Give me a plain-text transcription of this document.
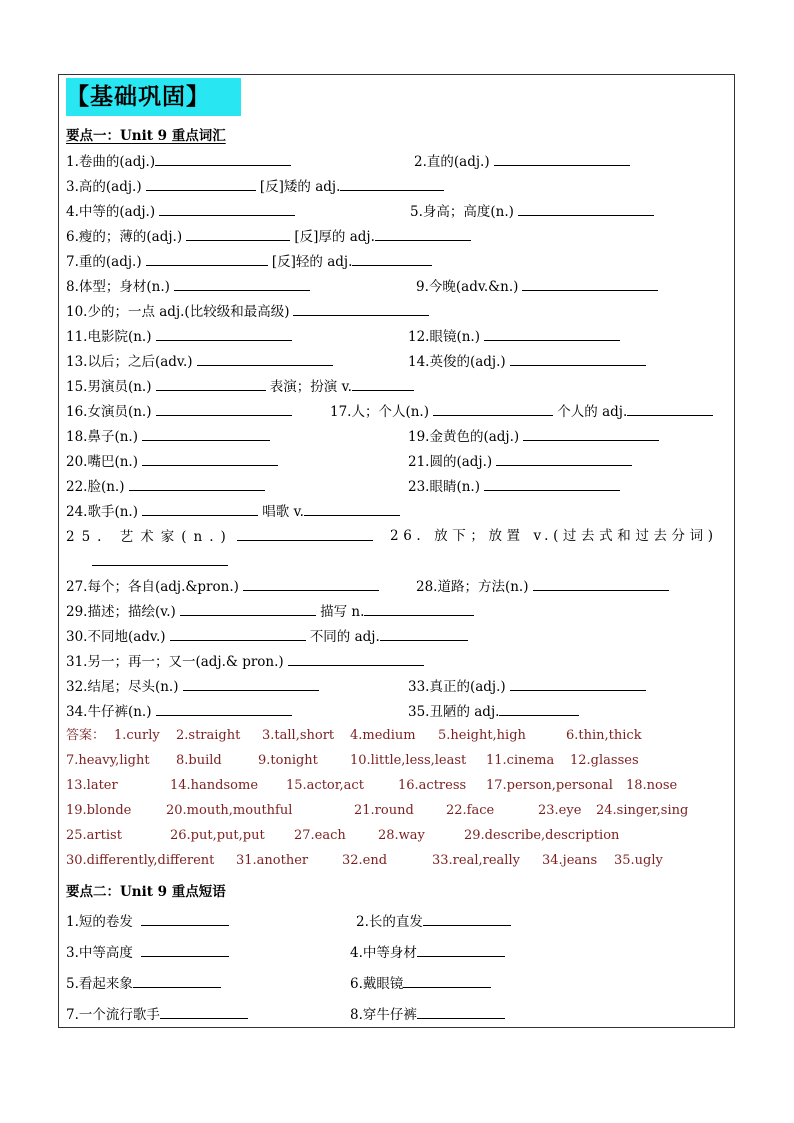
【基础巩固】
要点一：Unit 9 重点词汇
1.卷曲的(adj.)	2.直的(adj.)
3.高的(adj.)	[反]矮的 adj.
4.中等的(adj.)	5.身高；高度(n.)
6.瘦的；薄的(adj.)	[反]厚的 adj.
7.重的(adj.)	[反]轻的 adj.
8.体型；身材(n.)	9.今晚(adv.&n.)
10.少的；一点 adj.(比较级和最高级)
11.电影院(n.)	12.眼镜(n.)
13.以后；之后(adv.)	14.英俊的(adj.)
15.男演员(n.)	表演；扮演 v.
16.女演员(n.)	17.人；个人(n.)	个人的 adj.
18.鼻子(n.)	19.金黄色的(adj.)
20.嘴巴(n.)	21.圆的(adj.)
22.脸(n.)	23.眼睛(n.)
24.歌手(n.)	唱歌 v.
25. 艺术家(n.)	26. 放下；放置 v.(过去式和过去分词)
27.每个；各自(adj.&pron.)	28.道路；方法(n.)
29.描述；描绘(v.)	描写 n.
30.不同地(adv.)	不同的 adj.
31.另一；再一；又一(adj.& pron.)
32.结尾；尽头(n.)	33.真正的(adj.)
34.牛仔裤(n.)	35.丑陋的 adj.
答案： 1.curly 2.straight 3.tall,short 4.medium 5.height,high	6.thin,thick
7.heavy,light 8.build	9.tonight 10.little,less,least 11.cinema 12.glasses
13.later	14.handsome 15.actor,act	16.actress 17.person,personal 18.nose
19.blonde	20.mouth,mouthful	21.round 22.face	23.eye 24.singer,sing
25.artist	26.put,put,put 27.each 28.way	29.describe,description
30.differently,different 31.another	32.end	33.real,really 34.jeans 35.ugly
要点二：Unit 9 重点短语
1.短的卷发	2.长的直发
3.中等高度	4.中等身材
5.看起来象	6.戴眼镜
7.一个流行歌手	8.穿牛仔裤
